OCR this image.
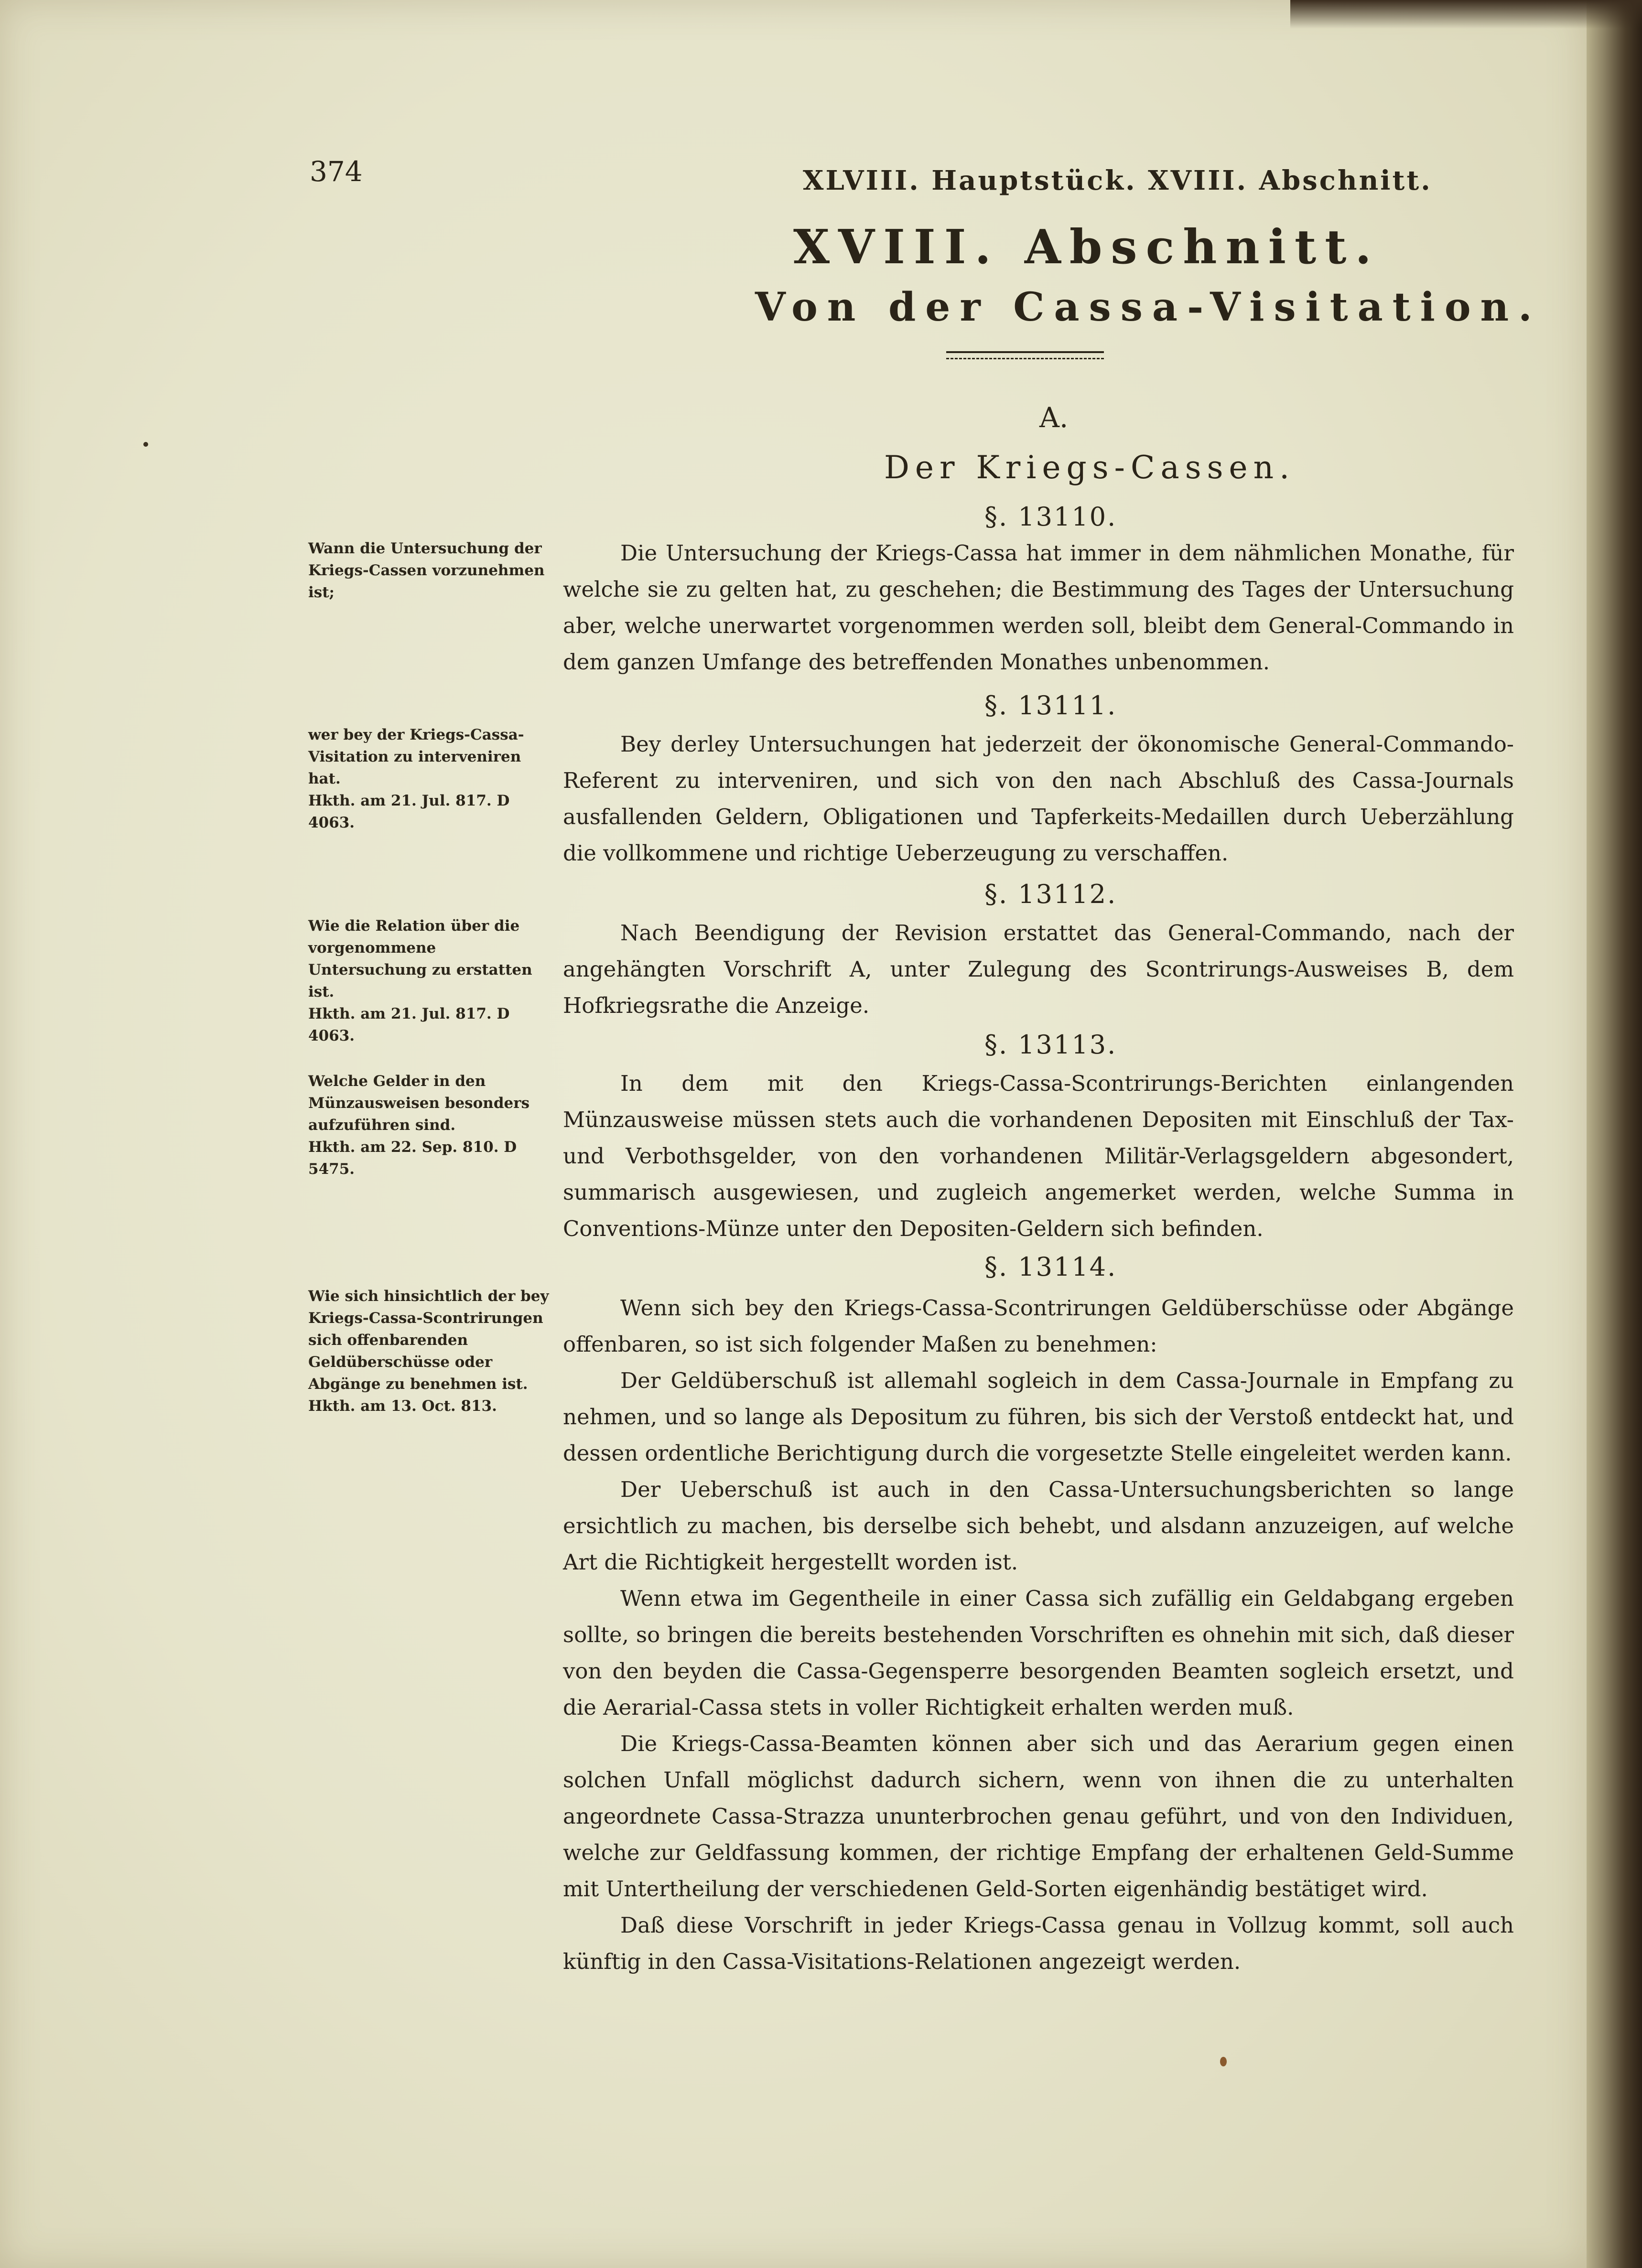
374	XLVIII. Hauptstück. XVIII. Abschnitt.
XVIII. Abschnitt.
Von der Cassa-Visitation.
A.
Der Kriegs-Cassen.
§. 13110.
Wann die Untersuchung der Kriegs-Cassen vorzunehmen ist;
Die Untersuchung der Kriegs-Cassa hat immer in dem nähmlichen Monathe, für welche sie zu gelten hat, zu geschehen; die Bestimmung des Tages der Untersuchung aber, welche unerwartet vorgenommen werden soll, bleibt dem General-Commando in dem ganzen Umfange des betreffenden Monathes unbenommen.
§. 13111.
wer bey der Kriegs-Cassa-Visitation zu interveniren hat.
Hkth. am 21. Jul. 817. D 4063.
Bey derley Untersuchungen hat jederzeit der ökonomische General-Commando-Referent zu interveniren, und sich von den nach Abschluß des Cassa-Journals ausfallenden Geldern, Obligationen und Tapferkeits-Medaillen durch Ueberzählung die vollkommene und richtige Ueberzeugung zu verschaffen.
§. 13112.
Wie die Relation über die vorgenommene Untersuchung zu erstatten ist.
Hkth. am 21. Jul. 817. D 4063.
Nach Beendigung der Revision erstattet das General-Commando, nach der angehängten Vorschrift A, unter Zulegung des Scontrirungs-Ausweises B, dem Hofkriegsrathe die Anzeige.
§. 13113.
Welche Gelder in den Münzausweisen besonders aufzuführen sind.
Hkth. am 22. Sep. 810. D 5475.
In dem mit den Kriegs-Cassa-Scontrirungs-Berichten einlangenden Münzausweise müssen stets auch die vorhandenen Depositen mit Einschluß der Tax- und Verbothsgelder, von den vorhandenen Militär-Verlagsgeldern abgesondert, summarisch ausgewiesen, und zugleich angemerket werden, welche Summa in Conventions-Münze unter den Depositen-Geldern sich befinden.
§. 13114.
Wie sich hinsichtlich der bey Kriegs-Cassa-Scontrirungen sich offenbarenden Geldüberschüsse oder Abgänge zu benehmen ist.
Hkth. am 13. Oct. 813.

Wenn sich bey den Kriegs-Cassa-Scontrirungen Geldüberschüsse oder Abgänge offenbaren, so ist sich folgender Maßen zu benehmen:

Der Geldüberschuß ist allemahl sogleich in dem Cassa-Journale in Empfang zu nehmen, und so lange als Depositum zu führen, bis sich der Verstoß entdeckt hat, und dessen ordentliche Berichtigung durch die vorgesetzte Stelle eingeleitet werden kann.

Der Ueberschuß ist auch in den Cassa-Untersuchungsberichten so lange ersichtlich zu machen, bis derselbe sich behebt, und alsdann anzuzeigen, auf welche Art die Richtigkeit hergestellt worden ist.

Wenn etwa im Gegentheile in einer Cassa sich zufällig ein Geldabgang ergeben sollte, so bringen die bereits bestehenden Vorschriften es ohnehin mit sich, daß dieser von den beyden die Cassa-Gegensperre besorgenden Beamten sogleich ersetzt, und die Aerarial-Cassa stets in voller Richtigkeit erhalten werden muß.

Die Kriegs-Cassa-Beamten können aber sich und das Aerarium gegen einen solchen Unfall möglichst dadurch sichern, wenn von ihnen die zu unterhalten angeordnete Cassa-Strazza ununterbrochen genau geführt, und von den Individuen, welche zur Geldfassung kommen, der richtige Empfang der erhaltenen Geld-Summe mit Untertheilung der verschiedenen Geld-Sorten eigenhändig bestätiget wird.

Daß diese Vorschrift in jeder Kriegs-Cassa genau in Vollzug kommt, soll auch künftig in den Cassa-Visitations-Relationen angezeigt werden.
